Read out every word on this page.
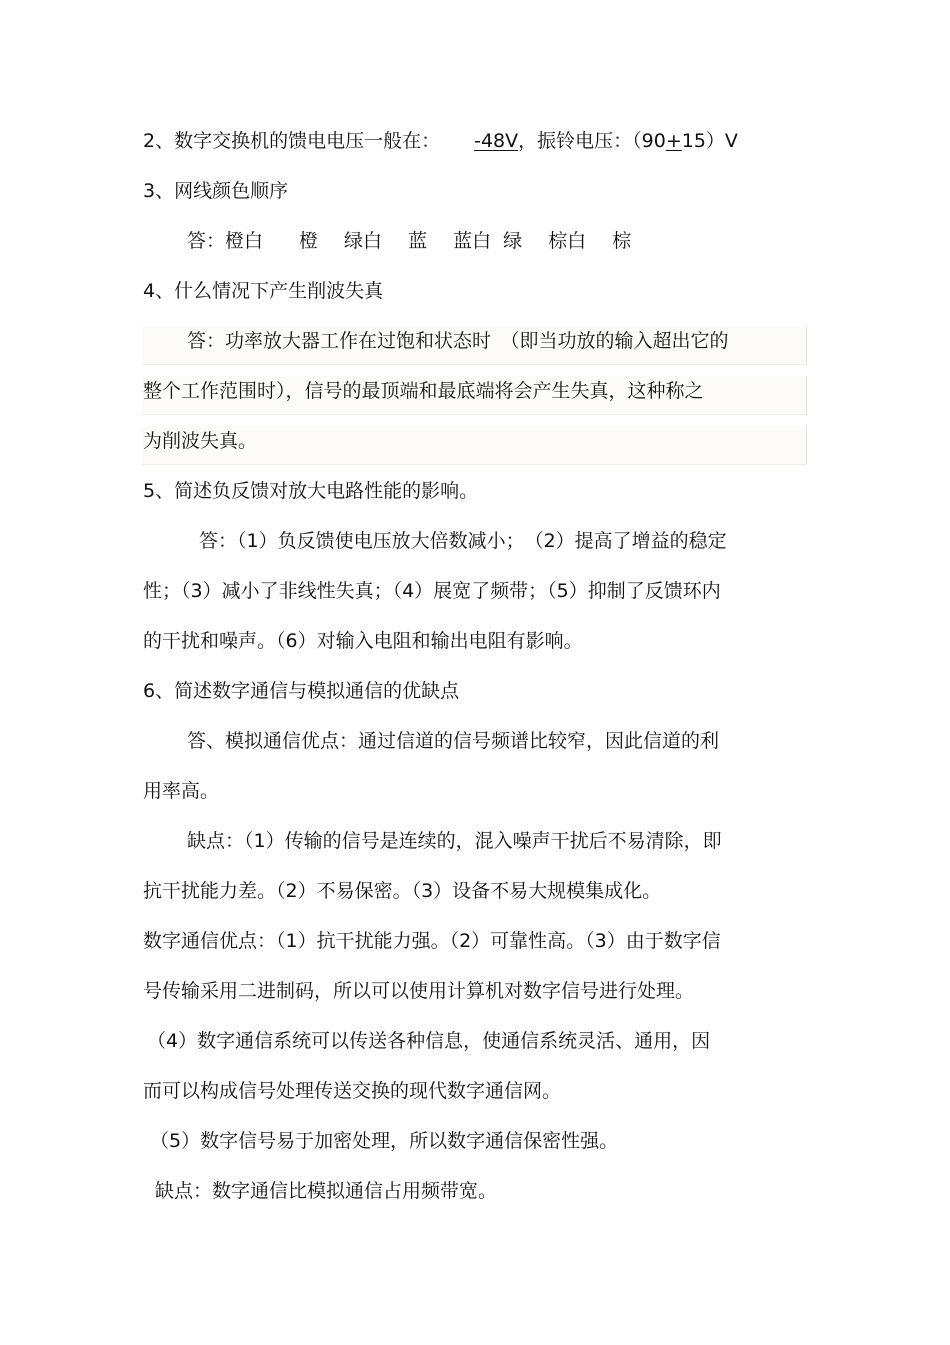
2、数字交换机的馈电电压一般在： -48V，振铃电压：（90+15）V
3、网线颜色顺序
答：橙白 橙 绿白 蓝 蓝白 绿 棕白 棕
4、什么情况下产生削波失真
答：功率放大器工作在过饱和状态时　（即当功放的输入超出它的
整个工作范围时），信号的最顶端和最底端将会产生失真，这种称之
为削波失真。
5、简述负反馈对放大电路性能的影响。
答：（1）负反馈使电压放大倍数减小；　（2）提高了增益的稳定
性；（3）减小了非线性失真；（4）展宽了频带；（5）抑制了反馈环内
的干扰和噪声。（6）对输入电阻和输出电阻有影响。
6、简述数字通信与模拟通信的优缺点
答、模拟通信优点：通过信道的信号频谱比较窄，因此信道的利
用率高。
缺点：（1）传输的信号是连续的，混入噪声干扰后不易清除，即
抗干扰能力差。（2）不易保密。（3）设备不易大规模集成化。
数字通信优点：（1）抗干扰能力强。（2）可靠性高。（3）由于数字信
号传输采用二进制码，所以可以使用计算机对数字信号进行处理。
（4）数字通信系统可以传送各种信息，使通信系统灵活、通用，因
而可以构成信号处理传送交换的现代数字通信网。
（5）数字信号易于加密处理，所以数字通信保密性强。
缺点：数字通信比模拟通信占用频带宽。
